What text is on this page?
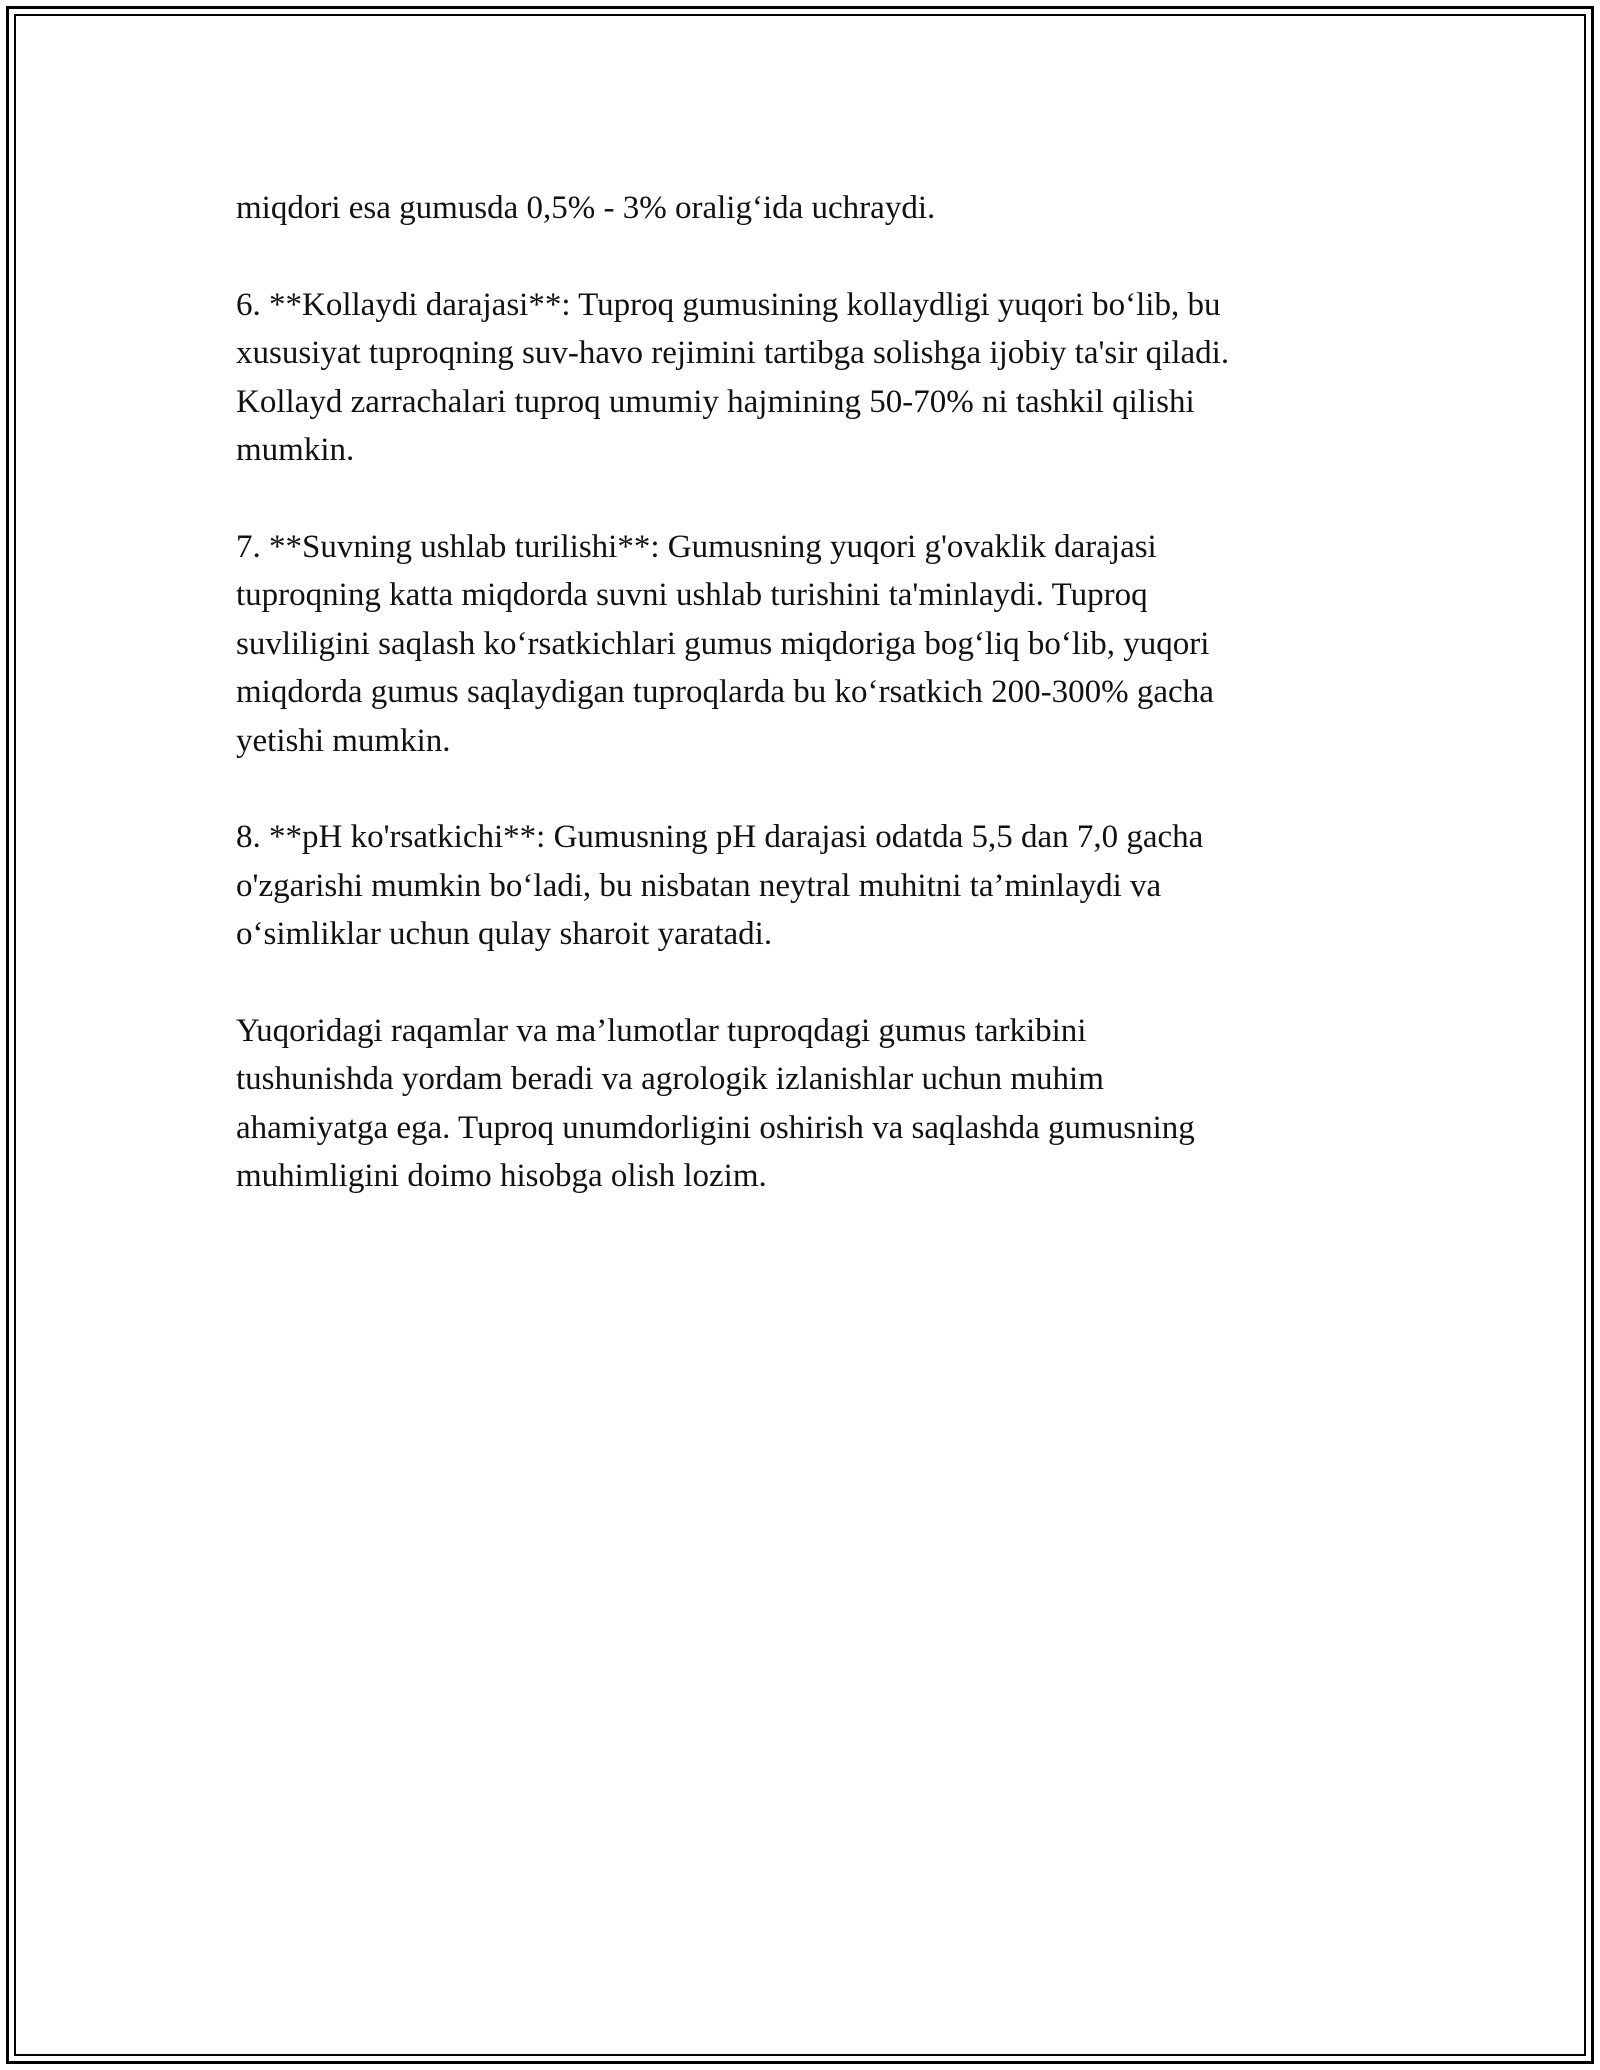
miqdori esa gumusda 0,5% - 3% oralig‘ida uchraydi.

6. **Kollaydi darajasi**: Tuproq gumusining kollaydligi yuqori bo‘lib, bu
xususiyat tuproqning suv-havo rejimini tartibga solishga ijobiy ta'sir qiladi.
Kollayd zarrachalari tuproq umumiy hajmining 50-70% ni tashkil qilishi
mumkin.

7. **Suvning ushlab turilishi**: Gumusning yuqori g'ovaklik darajasi
tuproqning katta miqdorda suvni ushlab turishini ta'minlaydi. Tuproq
suvliligini saqlash ko‘rsatkichlari gumus miqdoriga bog‘liq bo‘lib, yuqori
miqdorda gumus saqlaydigan tuproqlarda bu ko‘rsatkich 200-300% gacha
yetishi mumkin.

8. **pH ko'rsatkichi**: Gumusning pH darajasi odatda 5,5 dan 7,0 gacha
o'zgarishi mumkin bo‘ladi, bu nisbatan neytral muhitni ta’minlaydi va
o‘simliklar uchun qulay sharoit yaratadi.

Yuqoridagi raqamlar va ma’lumotlar tuproqdagi gumus tarkibini
tushunishda yordam beradi va agrologik izlanishlar uchun muhim
ahamiyatga ega. Tuproq unumdorligini oshirish va saqlashda gumusning
muhimligini doimo hisobga olish lozim.
